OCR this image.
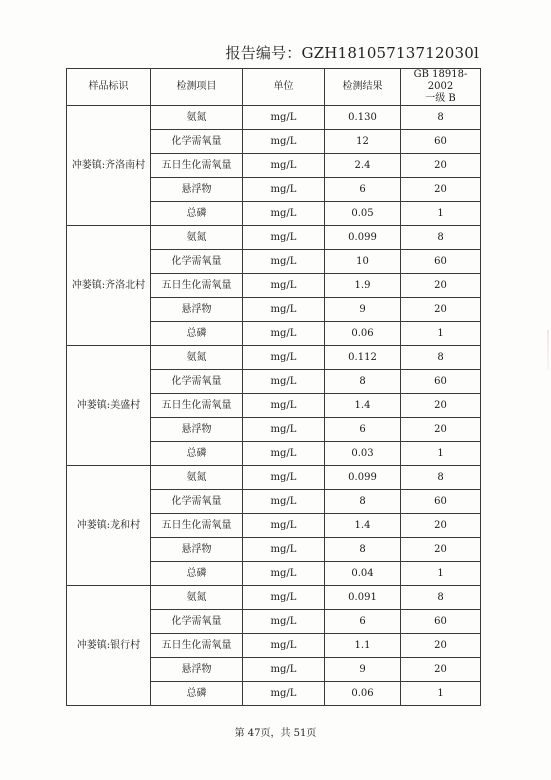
报告编号：GZH18105713712030l
样品标识	检测项目	单位	检测结果	GB 18918-2002
一级 B
冲蒌镇:齐洛南村	氨氮	mg/L	0.130	8
	化学需氧量	mg/L	12	60
	五日生化需氧量	mg/L	2.4	20
	悬浮物	mg/L	6	20
	总磷	mg/L	0.05	1
冲蒌镇:齐洛北村	氨氮	mg/L	0.099	8
	化学需氧量	mg/L	10	60
	五日生化需氧量	mg/L	1.9	20
	悬浮物	mg/L	9	20
	总磷	mg/L	0.06	1
冲蒌镇:美盛村	氨氮	mg/L	0.112	8
	化学需氧量	mg/L	8	60
	五日生化需氧量	mg/L	1.4	20
	悬浮物	mg/L	6	20
	总磷	mg/L	0.03	1
冲蒌镇:龙和村	氨氮	mg/L	0.099	8
	化学需氧量	mg/L	8	60
	五日生化需氧量	mg/L	1.4	20
	悬浮物	mg/L	8	20
	总磷	mg/L	0.04	1
冲蒌镇:银行村	氨氮	mg/L	0.091	8
	化学需氧量	mg/L	6	60
	五日生化需氧量	mg/L	1.1	20
	悬浮物	mg/L	9	20
	总磷	mg/L	0.06	1
第 47页，共 51页
